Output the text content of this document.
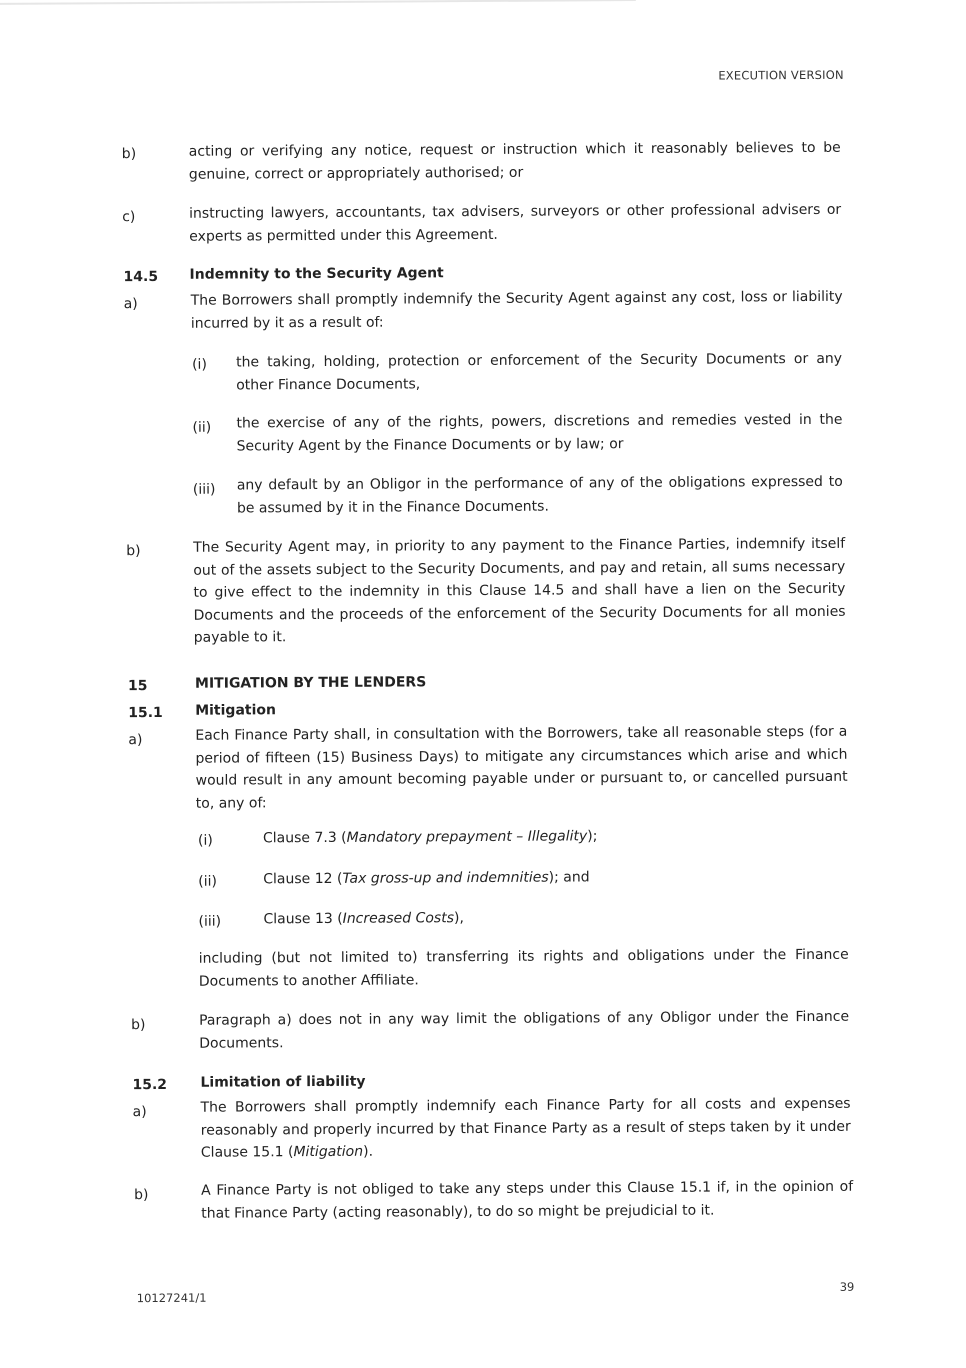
EXECUTION VERSION
b)	acting or verifying any notice, request or instruction which it reasonably believes to be genuine, correct or appropriately authorised; or
c)	instructing lawyers, accountants, tax advisers, surveyors or other professional advisers or experts as permitted under this Agreement.
14.5 Indemnity to the Security Agent
a)	The Borrowers shall promptly indemnify the Security Agent against any cost, loss or liability incurred by it as a result of:
(i) the taking, holding, protection or enforcement of the Security Documents or any other Finance Documents,
(ii) the exercise of any of the rights, powers, discretions and remedies vested in the Security Agent by the Finance Documents or by law; or
(iii) any default by an Obligor in the performance of any of the obligations expressed to be assumed by it in the Finance Documents.
b)	The Security Agent may, in priority to any payment to the Finance Parties, indemnify itself out of the assets subject to the Security Documents, and pay and retain, all sums necessary to give effect to the indemnity in this Clause 14.5 and shall have a lien on the Security Documents and the proceeds of the enforcement of the Security Documents for all monies payable to it.
15	MITIGATION BY THE LENDERS
15.1 Mitigation
a)	Each Finance Party shall, in consultation with the Borrowers, take all reasonable steps (for a period of fifteen (15) Business Days) to mitigate any circumstances which arise and which would result in any amount becoming payable under or pursuant to, or cancelled pursuant to, any of:
(i)	Clause 7.3 (Mandatory prepayment – Illegality);
(ii)	Clause 12 (Tax gross-up and indemnities); and
(iii)	Clause 13 (Increased Costs),
including (but not limited to) transferring its rights and obligations under the Finance Documents to another Affiliate.
b)	Paragraph a) does not in any way limit the obligations of any Obligor under the Finance Documents.
15.2 Limitation of liability
a)	The Borrowers shall promptly indemnify each Finance Party for all costs and expenses reasonably and properly incurred by that Finance Party as a result of steps taken by it under Clause 15.1 (Mitigation).
b)	A Finance Party is not obliged to take any steps under this Clause 15.1 if, in the opinion of that Finance Party (acting reasonably), to do so might be prejudicial to it.
10127241/1
39
